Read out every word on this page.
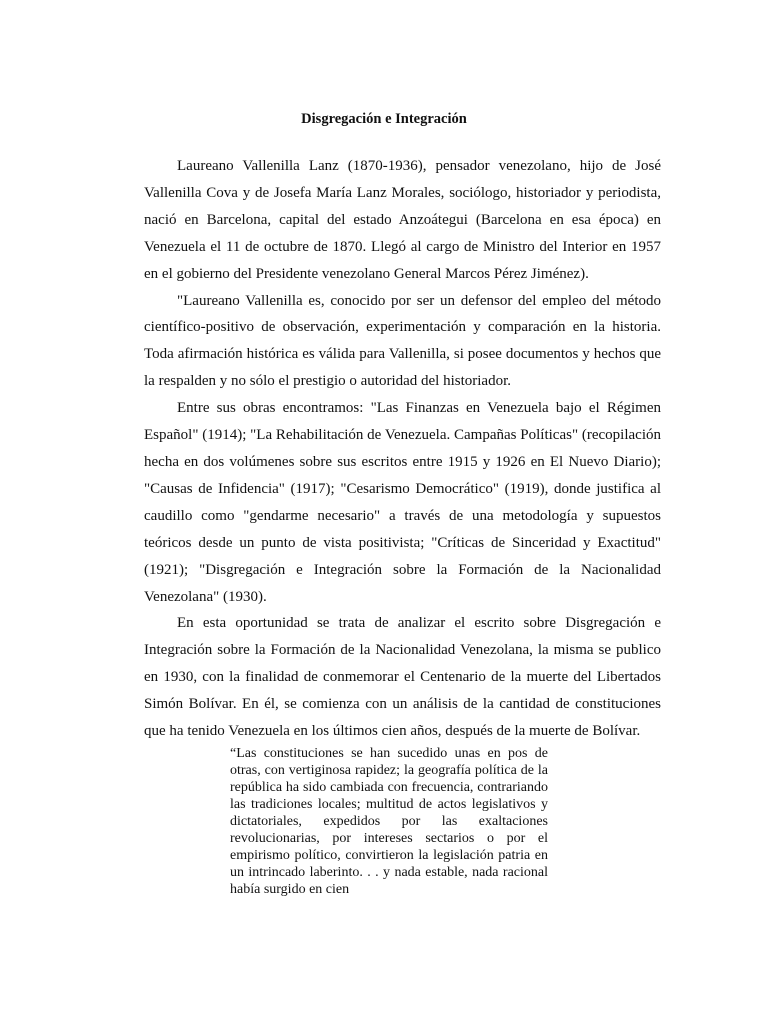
Disgregación e Integración

Laureano Vallenilla Lanz (1870-1936), pensador venezolano, hijo de José Vallenilla Cova y de Josefa María Lanz Morales, sociólogo, historiador y periodista, nació en Barcelona, capital del estado Anzoátegui (Barcelona en esa época) en Venezuela el 11 de octubre de 1870. Llegó al cargo de Ministro del Interior en 1957 en el gobierno del Presidente venezolano General Marcos Pérez Jiménez).

"Laureano Vallenilla es, conocido por ser un defensor del empleo del método científico-positivo de observación, experimentación y comparación en la historia. Toda afirmación histórica es válida para Vallenilla, si posee documentos y hechos que la respalden y no sólo el prestigio o autoridad del historiador.

Entre sus obras encontramos: "Las Finanzas en Venezuela bajo el Régimen Español" (1914); "La Rehabilitación de Venezuela. Campañas Políticas" (recopilación hecha en dos volúmenes sobre sus escritos entre 1915 y 1926 en El Nuevo Diario); "Causas de Infidencia" (1917); "Cesarismo Democrático" (1919), donde justifica al caudillo como "gendarme necesario" a través de una metodología y supuestos teóricos desde un punto de vista positivista; "Críticas de Sinceridad y Exactitud" (1921); "Disgregación e Integración sobre la Formación de la Nacionalidad Venezolana" (1930).

En esta oportunidad se trata de analizar el escrito sobre Disgregación e Integración sobre la Formación de la Nacionalidad Venezolana, la misma se publico en 1930, con la finalidad de conmemorar el Centenario de la muerte del Libertados Simón Bolívar. En él, se comienza con un análisis de la cantidad de constituciones que ha tenido Venezuela en los últimos cien años, después de la muerte de Bolívar.

“Las constituciones se han sucedido unas en pos de otras, con vertiginosa rapidez; la geografía política de la república ha sido cambiada con frecuencia, contrariando las tradiciones locales; multitud de actos legislativos y dictatoriales, expedidos por las exaltaciones revolucionarias, por intereses sectarios o por el empirismo político, convirtieron la legislación patria en un intrincado laberinto. . . y nada estable, nada racional había surgido en cien
